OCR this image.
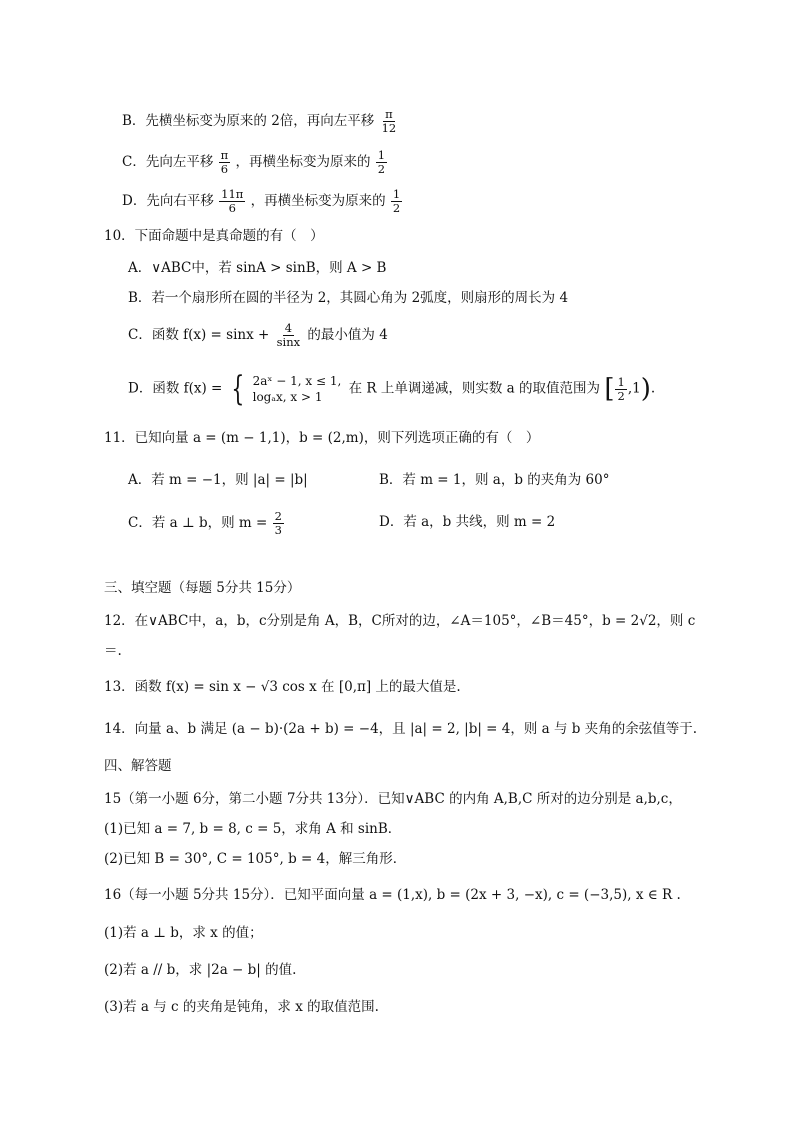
B．先横坐标变为原来的 2倍，再向左平移 $\frac{\pi}{12}$
C．先向左平移 $\frac{\pi}{6}$ ，再横坐标变为原来的 $\frac{1}{2}$
D．先向右平移 $\frac{11\pi}{6}$ ，再横坐标变为原来的 $\frac{1}{2}$
10．下面命题中是真命题的有（　）
A．∨ABC中，若 sinA > sinB，则 A > B
B．若一个扇形所在圆的半径为 2，其圆心角为 2弧度，则扇形的周长为 4
C．函数 $f(x) = \sin x + \frac{4}{\sin x}$ 的最小值为 4
D．函数 f(x) = { 2aˣ − 1, x ≤ 1,
logₐx, x > 1
在 R 上单调递减，则实数 a 的取值范围为 [ $\frac{1}{2} ,1$).
11．已知向量 a = (m − 1,1)，b = (2,m)，则下列选项正确的有（　）
A．若 m = −1，则 |a| = |b|	B．若 m = 1，则 a，b 的夹角为 60°
C．若 a ⊥ b，则 $m = \frac{2}{3}$	D．若 a，b 共线，则 m = 2
三、填空题（每题 5分共 15分）
12．在∨ABC中，a，b，c分别是角 A，B，C所对的边，∠A＝105°，∠B＝45°，b = 2√2，则 c
＝.
13．函数 f(x) = sin x − √3 cos x 在 [0,π] 上的最大值是.
14．向量 a、b 满足 (a − b)·(2a + b) = −4，且 |a| = 2, |b| = 4，则 a 与 b 夹角的余弦值等于.
四、解答题
15（第一小题 6分，第二小题 7分共 13分）．已知∨ABC 的内角 A,B,C 所对的边分别是 a,b,c，
(1)已知 a = 7, b = 8, c = 5，求角 A 和 sinB．
(2)已知 B = 30°, C = 105°, b = 4，解三角形．
16（每一小题 5分共 15分）．已知平面向量 a = (1,x), b = (2x + 3, −x), c = (−3,5), x ∈ R .
(1)若 a ⊥ b，求 x 的值；
(2)若 a // b，求 |2a − b| 的值.
(3)若 a 与 c 的夹角是钝角，求 x 的取值范围.
